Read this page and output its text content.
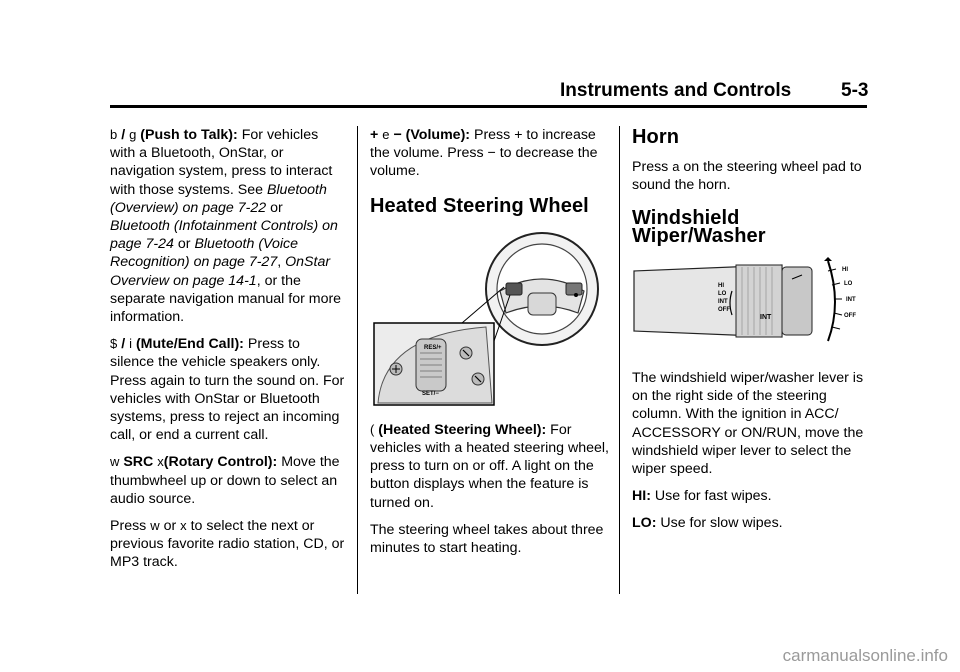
Instruments and Controls	5-3

b / g (Push to Talk): For vehicles with a Bluetooth, OnStar, or navigation system, press to interact with those systems. See Bluetooth (Overview) on page 7-22 or Bluetooth (Infotainment Controls) on page 7-24 or Bluetooth (Voice Recognition) on page 7-27, OnStar Overview on page 14-1, or the separate navigation manual for more information.

$ / i (Mute/End Call): Press to silence the vehicle speakers only. Press again to turn the sound on. For vehicles with OnStar or Bluetooth systems, press to reject an incoming call, or end a current call.

w SRC x(Rotary Control): Move the thumbwheel up or down to select an audio source.

Press w or x to select the next or previous favorite radio station, CD, or MP3 track.

+ e − (Volume): Press + to increase the volume. Press − to decrease the volume.

Heated Steering Wheel
RES/+
SET/−

( (Heated Steering Wheel): For vehicles with a heated steering wheel, press to turn on or off. A light on the button displays when the feature is turned on.

The steering wheel takes about three minutes to start heating.

Horn

Press a on the steering wheel pad to sound the horn.

Windshield Wiper/Washer
HI
LO
INT
OFF
INT
HI
LO
INT
OFF

The windshield wiper/washer lever is on the right side of the steering column. With the ignition in ACC/ ACCESSORY or ON/RUN, move the windshield wiper lever to select the wiper speed.

HI: Use for fast wipes.

LO: Use for slow wipes.

carmanualsonline.info
